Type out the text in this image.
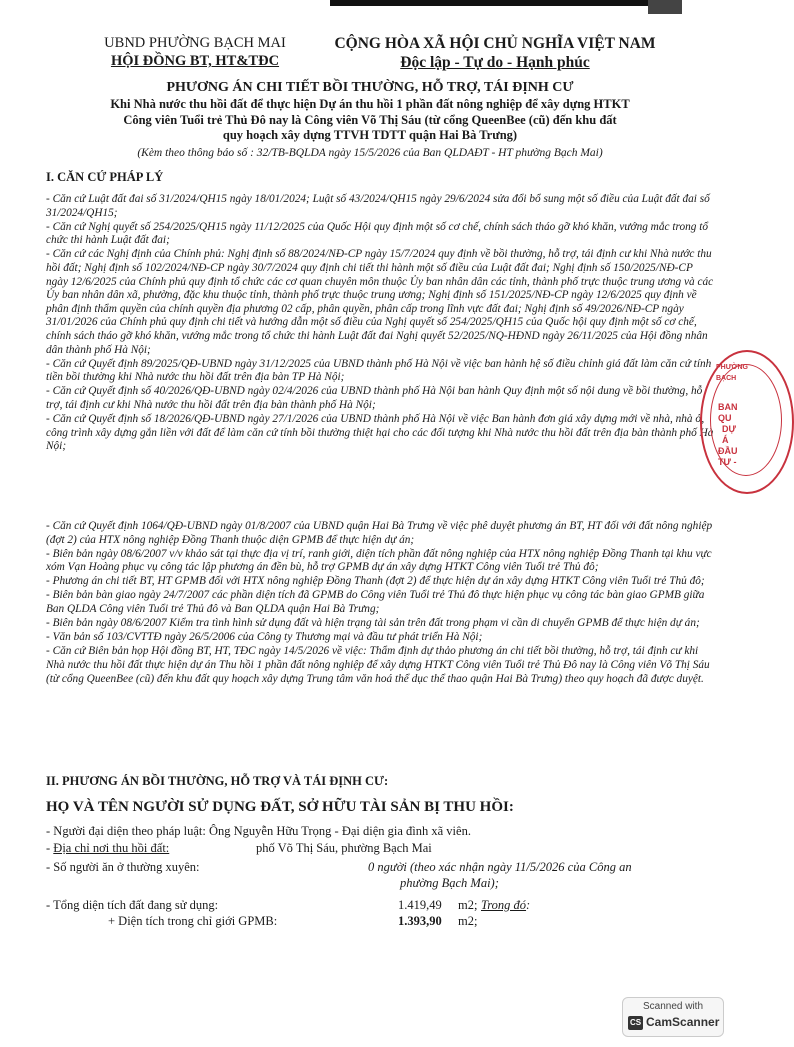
UBND PHƯỜNG BẠCH MAI
HỘI ĐỒNG BT, HT&TĐC
CỘNG HÒA XÃ HỘI CHỦ NGHĨA VIỆT NAM
Độc lập - Tự do - Hạnh phúc
PHƯƠNG ÁN CHI TIẾT BỒI THƯỜNG, HỖ TRỢ, TÁI ĐỊNH CƯ
Khi Nhà nước thu hồi đất để thực hiện Dự án thu hồi 1 phần đất nông nghiệp để xây dựng HTKT
Công viên Tuổi trẻ Thủ Đô nay là Công viên Võ Thị Sáu (từ cổng QueenBee (cũ) đến khu đất
quy hoạch xây dựng TTVH TDTT quận Hai Bà Trưng)
(Kèm theo thông báo số : 32/TB-BQLDA ngày 15/5/2026 của Ban QLDAĐT - HT phường Bạch Mai)
I. CĂN CỨ PHÁP LÝ

- Căn cứ Luật đất đai số 31/2024/QH15 ngày 18/01/2024; Luật số 43/2024/QH15 ngày 29/6/2024 sửa đổi bổ sung một số điều của Luật đất đai số 31/2024/QH15;

- Căn cứ Nghị quyết số 254/2025/QH15 ngày 11/12/2025 của Quốc Hội quy định một số cơ chế, chính sách tháo gỡ khó khăn, vướng mắc trong tổ chức thi hành Luật đất đai;

- Căn cứ các Nghị định của Chính phủ: Nghị định số 88/2024/NĐ-CP ngày 15/7/2024 quy định về bồi thường, hỗ trợ, tái định cư khi Nhà nước thu hồi đất; Nghị định số 102/2024/NĐ-CP ngày 30/7/2024 quy định chi tiết thi hành một số điều của Luật đất đai; Nghị định số 150/2025/NĐ-CP ngày 12/6/2025 của Chính phủ quy định tổ chức các cơ quan chuyên môn thuộc Ủy ban nhân dân các tỉnh, thành phố trực thuộc trung ương và các Ủy ban nhân dân xã, phường, đặc khu thuộc tỉnh, thành phố trực thuộc trung ương; Nghị định số 151/2025/NĐ-CP ngày 12/6/2025 quy định về phân định thẩm quyền của chính quyền địa phương 02 cấp, phân quyền, phân cấp trong lĩnh vực đất đai; Nghị định số 49/2026/NĐ-CP ngày 31/01/2026 của Chính phủ quy định chi tiết và hướng dẫn một số điều của Nghị quyết số 254/2025/QH15 của Quốc hội quy định một số cơ chế, chính sách tháo gỡ khó khăn, vướng mắc trong tổ chức thi hành Luật đất đai Nghị quyết 52/2025/NQ-HĐND ngày 26/11/2025 của Hội đồng nhân dân thành phố Hà Nội;

- Căn cứ Quyết định 89/2025/QĐ-UBND ngày 31/12/2025 của UBND thành phố Hà Nội về việc ban hành hệ số điều chỉnh giá đất làm căn cứ tính tiền bồi thường khi Nhà nước thu hồi đất trên địa bàn TP Hà Nội;

- Căn cứ Quyết định số 40/2026/QĐ-UBND ngày 02/4/2026 của UBND thành phố Hà Nội ban hành Quy định một số nội dung về bồi thường, hỗ trợ, tái định cư khi Nhà nước thu hồi đất trên địa bàn thành phố Hà Nội;

- Căn cứ Quyết định số 18/2026/QĐ-UBND ngày 27/1/2026 của UBND thành phố Hà Nội về việc Ban hành đơn giá xây dựng mới về nhà, nhà ở, công trình xây dựng gắn liền với đất để làm căn cứ tính bồi thường thiệt hại cho các đối tượng khi Nhà nước thu hồi đất trên địa bàn thành phố Hà Nội;

- Căn cứ Quyết định 1064/QĐ-UBND ngày 01/8/2007 của UBND quận Hai Bà Trưng về việc phê duyệt phương án BT, HT đối với đất nông nghiệp (đợt 2) của HTX nông nghiệp Đồng Thanh thuộc diện GPMB để thực hiện dự án;

- Biên bản ngày 08/6/2007 v/v khảo sát tại thực địa vị trí, ranh giới, diện tích phần đất nông nghiệp của HTX nông nghiệp Đồng Thanh tại khu vực xóm Vạn Hoàng phục vụ công tác lập phương án đền bù, hỗ trợ GPMB dự án xây dựng HTKT Công viên Tuổi trẻ Thủ đô;

- Phương án chi tiết BT, HT GPMB đối với HTX nông nghiệp Đồng Thanh (đợt 2) để thực hiện dự án xây dựng HTKT Công viên Tuổi trẻ Thủ đô;

- Biên bản bàn giao ngày 24/7/2007 các phần diện tích đã GPMB do Công viên Tuổi trẻ Thủ đô thực hiện phục vụ công tác bàn giao GPMB giữa Ban QLDA Công viên Tuổi trẻ Thủ đô và Ban QLDA quận Hai Bà Trưng;

- Biên bản ngày 08/6/2007 Kiểm tra tình hình sử dụng đất và hiện trạng tài sản trên đất trong phạm vi cần di chuyển GPMB để thực hiện dự án;

- Văn bản số 103/CVTTĐ ngày 26/5/2006 của Công ty Thương mại và đầu tư phát triển Hà Nội;

- Căn cứ Biên bản họp Hội đồng BT, HT, TĐC ngày 14/5/2026 về việc: Thẩm định dự thảo phương án chi tiết bồi thường, hỗ trợ, tái định cư khi Nhà nước thu hồi đất thực hiện dự án Thu hồi 1 phần đất nông nghiệp để xây dựng HTKT Công viên Tuổi trẻ Thủ Đô nay là Công viên Võ Thị Sáu (từ cổng QueenBee (cũ) đến khu đất quy hoạch xây dựng Trung tâm văn hoá thể dục thể thao quận Hai Bà Trưng) theo quy hoạch đã được duyệt.

II. PHƯƠNG ÁN BỒI THƯỜNG, HỖ TRỢ VÀ TÁI ĐỊNH CƯ:
HỌ VÀ TÊN NGƯỜI SỬ DỤNG ĐẤT, SỞ HỮU TÀI SẢN BỊ THU HỒI:
- Người đại diện theo pháp luật: Ông Nguyễn Hữu Trọng - Đại diện gia đình xã viên.
- Địa chỉ nơi thu hồi đất:	phố Võ Thị Sáu, phường Bạch Mai
- Số người ăn ở thường xuyên:	0 người (theo xác nhận ngày 11/5/2026 của Công an
phường Bạch Mai);
- Tổng diện tích đất đang sử dụng:	1.419,49 m2; Trong đó:
+ Diện tích trong chỉ giới GPMB:	1.393,90 m2;
PHƯỜNG BẠCH
BAN QU
DỰ Á
ĐẦU TƯ -
Scanned with
CS CamScanner
